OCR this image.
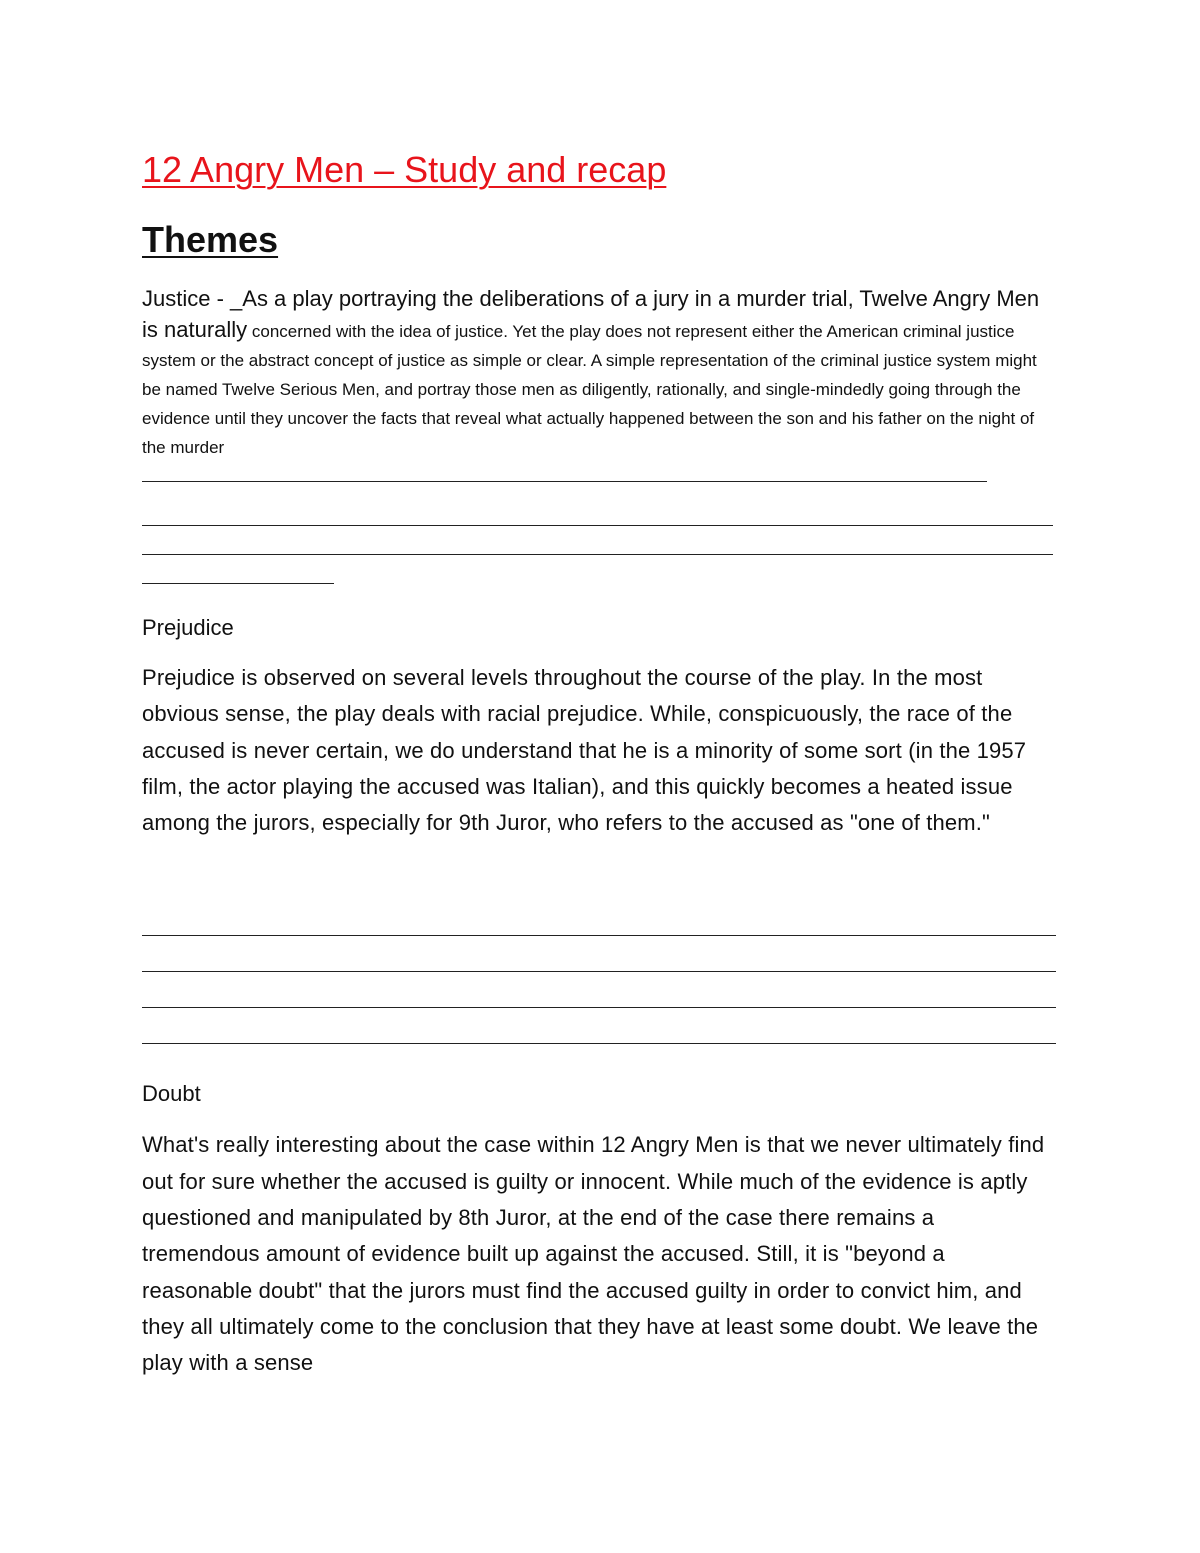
12 Angry Men – Study and recap
Themes
Justice - _As a play portraying the deliberations of a jury in a murder trial, Twelve Angry Men is naturally concerned with the idea of justice. Yet the play does not represent either the American criminal justice system or the abstract concept of justice as simple or clear. A simple representation of the criminal justice system might be named Twelve Serious Men, and portray those men as diligently, rationally, and single-mindedly going through the evidence until they uncover the facts that reveal what actually happened between the son and his father on the night of the murder
Prejudice

Prejudice is observed on several levels throughout the course of the play. In the most obvious sense, the play deals with racial prejudice. While, conspicuously, the race of the accused is never certain, we do understand that he is a minority of some sort (in the 1957 film, the actor playing the accused was Italian), and this quickly becomes a heated issue among the jurors, especially for 9th Juror, who refers to the accused as "one of them."

Doubt

What's really interesting about the case within 12 Angry Men is that we never ultimately find out for sure whether the accused is guilty or innocent. While much of the evidence is aptly questioned and manipulated by 8th Juror, at the end of the case there remains a tremendous amount of evidence built up against the accused. Still, it is "beyond a reasonable doubt" that the jurors must find the accused guilty in order to convict him, and they all ultimately come to the conclusion that they have at least some doubt. We leave the play with a sense
